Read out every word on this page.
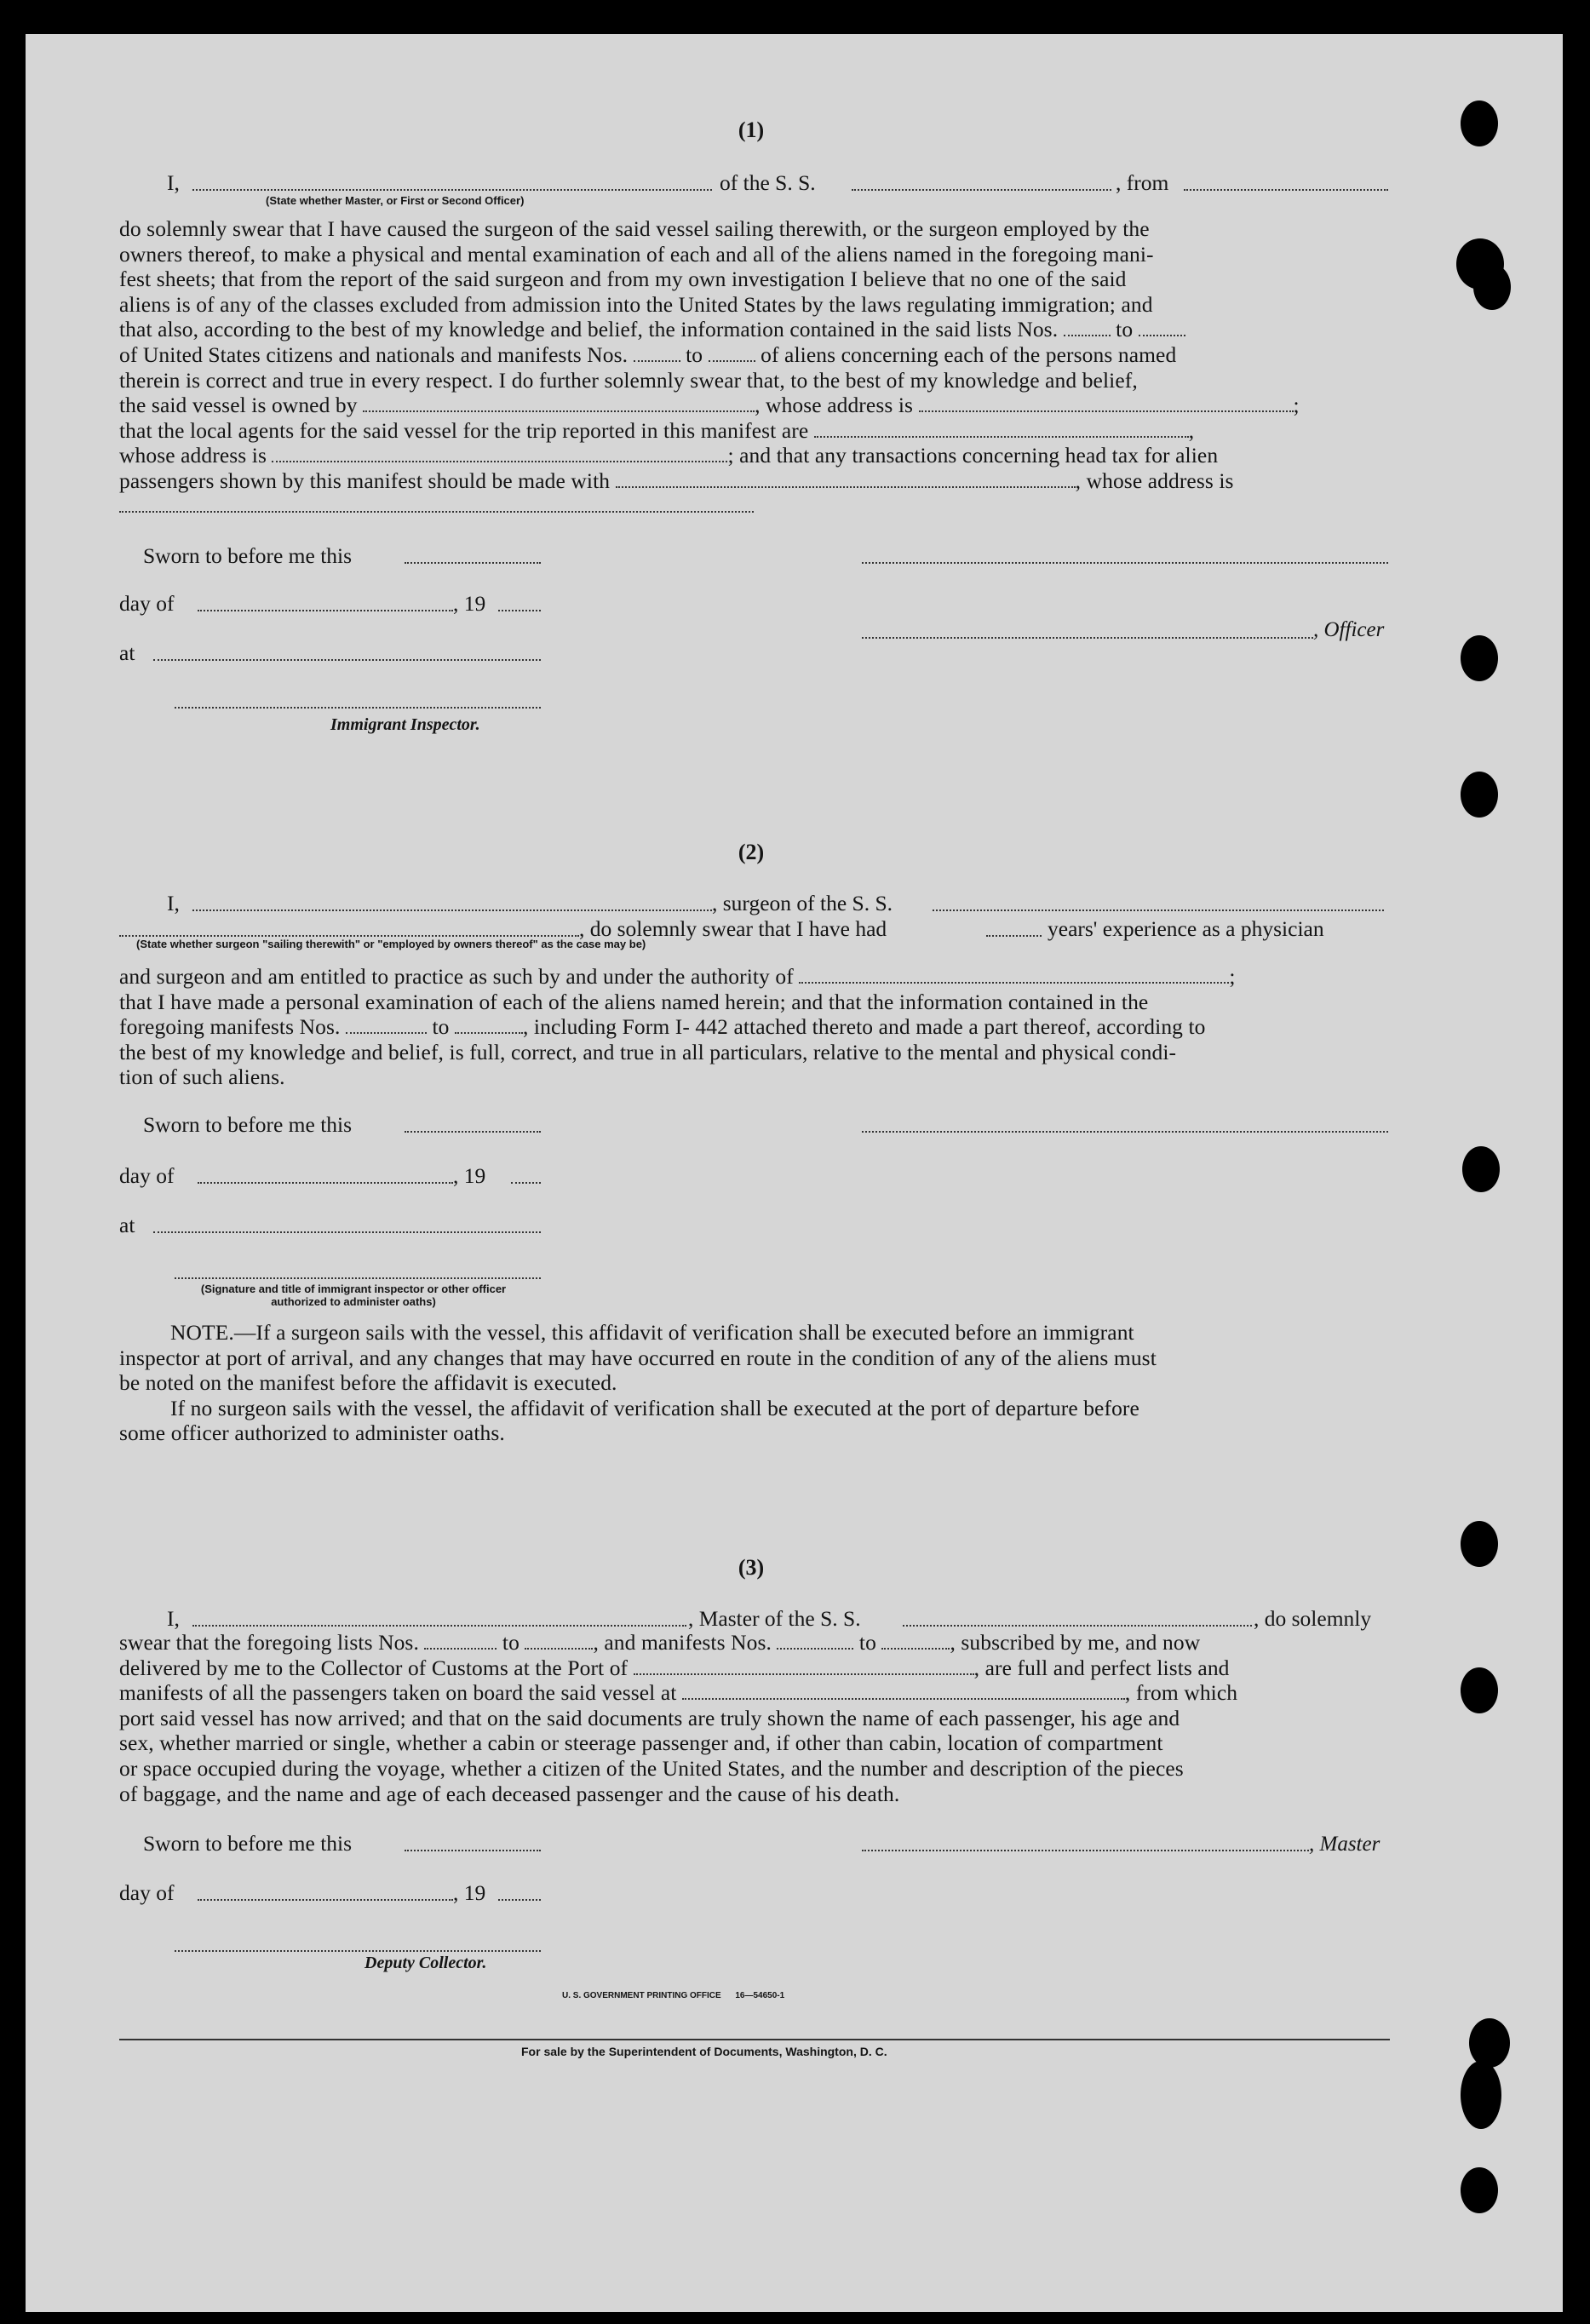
(1)
I,	of the S. S.	, from
(State whether Master, or First or Second Officer)
do solemnly swear that I have caused the surgeon of the said vessel sailing therewith, or the surgeon employed by the
owners thereof, to make a physical and mental examination of each and all of the aliens named in the foregoing mani-
fest sheets; that from the report of the said surgeon and from my own investigation I believe that no one of the said
aliens is of any of the classes excluded from admission into the United States by the laws regulating immigration; and
that also, according to the best of my knowledge and belief, the information contained in the said lists Nos.	to
of United States citizens and nationals and manifests Nos.	to	of aliens concerning each of the persons named
therein is correct and true in every respect. I do further solemnly swear that, to the best of my knowledge and belief,
the said vessel is owned by	, whose address is	;
that the local agents for the said vessel for the trip reported in this manifest are	,
whose address is	; and that any transactions concerning head tax for alien
passengers shown by this manifest should be made with	, whose address is
Sworn to before me this
day of	, 19
, Officer
at
Immigrant Inspector.
(2)
I,	, surgeon of the S. S.
, do solemnly swear that I have had	years' experience as a physician
(State whether surgeon "sailing therewith" or "employed by owners thereof" as the case may be)
and surgeon and am entitled to practice as such by and under the authority of	;
that I have made a personal examination of each of the aliens named herein; and that the information contained in the
foregoing manifests Nos.	to	, including Form I- 442 attached thereto and made a part thereof, according to
the best of my knowledge and belief, is full, correct, and true in all particulars, relative to the mental and physical condi-
tion of such aliens.
Sworn to before me this
day of	, 19
at
(Signature and title of immigrant inspector or other officer authorized to administer oaths)
NOTE.—If a surgeon sails with the vessel, this affidavit of verification shall be executed before an immigrant
inspector at port of arrival, and any changes that may have occurred en route in the condition of any of the aliens must
be noted on the manifest before the affidavit is executed.
If no surgeon sails with the vessel, the affidavit of verification shall be executed at the port of departure before
some officer authorized to administer oaths.
(3)
I,	, Master of the S. S.	, do solemnly
swear that the foregoing lists Nos.	to	, and manifests Nos.	to	, subscribed by me, and now
delivered by me to the Collector of Customs at the Port of	, are full and perfect lists and
manifests of all the passengers taken on board the said vessel at	, from which
port said vessel has now arrived; and that on the said documents are truly shown the name of each passenger, his age and
sex, whether married or single, whether a cabin or steerage passenger and, if other than cabin, location of compartment
or space occupied during the voyage, whether a citizen of the United States, and the number and description of the pieces
of baggage, and the name and age of each deceased passenger and the cause of his death.
Sworn to before me this	, Master
day of	, 19
Deputy Collector.
U. S. GOVERNMENT PRINTING OFFICE      16—54650-1
For sale by the Superintendent of Documents, Washington, D. C.
